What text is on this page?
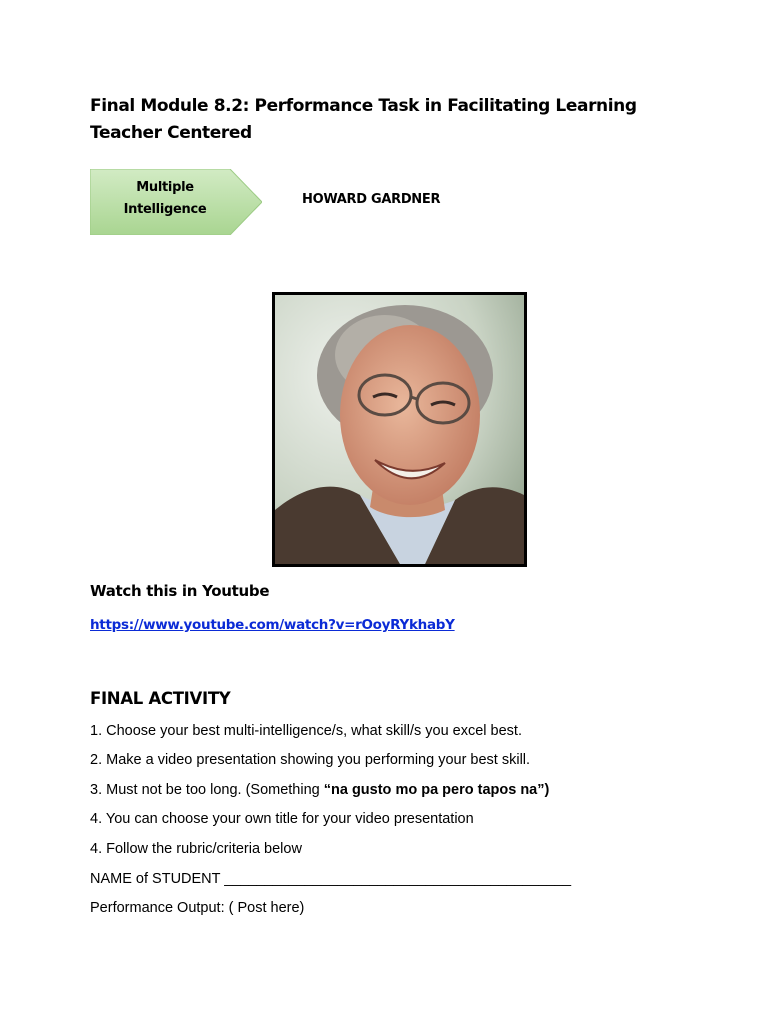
Final Module 8.2: Performance Task in Facilitating Learning Teacher Centered
Multiple
Intelligence
HOWARD GARDNER
Watch this in Youtube
https://www.youtube.com/watch?v=rOoyRYkhabY
FINAL ACTIVITY
1. Choose your best multi-intelligence/s, what skill/s you excel best.
2. Make a video presentation showing you performing your best skill.
3. Must not be too long. (Something “na gusto mo pa pero tapos na”)
4. You can choose your own title for your video presentation
4. Follow the rubric/criteria below
NAME of STUDENT ___________________________________________
Performance Output: ( Post here)
